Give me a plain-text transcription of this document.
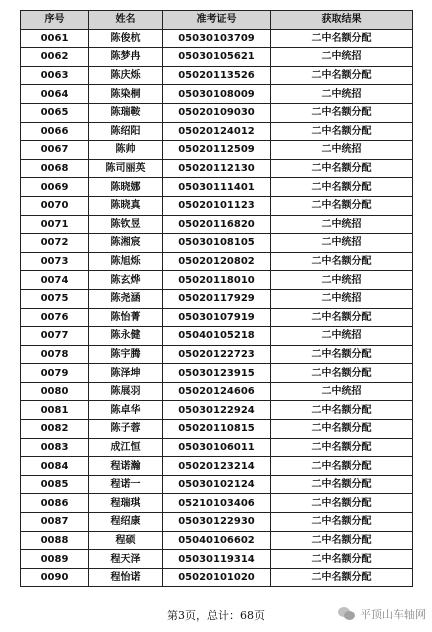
序号	姓名	准考证号	获取结果
0061	陈俊杭	05030103709	二中名额分配
0062	陈梦冉	05030105621	二中统招
0063	陈庆烁	05020113526	二中名额分配
0064	陈染桐	05030108009	二中统招
0065	陈瑞鞍	05020109030	二中名额分配
0066	陈绍阳	05020124012	二中名额分配
0067	陈帅	05020112509	二中统招
0068	陈司丽英	05020112130	二中名额分配
0069	陈晓娜	05030111401	二中名额分配
0070	陈晓真	05020101123	二中名额分配
0071	陈钦昱	05020116820	二中统招
0072	陈湘宸	05030108105	二中统招
0073	陈旭烁	05020120802	二中名额分配
0074	陈玄烨	05020118010	二中统招
0075	陈尧涵	05020117929	二中统招
0076	陈怡菁	05030107919	二中名额分配
0077	陈永健	05040105218	二中统招
0078	陈宇腾	05020122723	二中名额分配
0079	陈泽坤	05030123915	二中名额分配
0080	陈展羽	05020124606	二中统招
0081	陈卓华	05030122924	二中名额分配
0082	陈子蓉	05020110815	二中名额分配
0083	成江恒	05030106011	二中名额分配
0084	程诺瀚	05020123214	二中名额分配
0085	程诺一	05030102124	二中名额分配
0086	程瑞琪	05210103406	二中名额分配
0087	程绍康	05030122930	二中名额分配
0088	程硕	05040106602	二中名额分配
0089	程天泽	05030119314	二中名额分配
0090	程怡诺	05020101020	二中名额分配
第3页，总计：68页	平顶山车轴网
